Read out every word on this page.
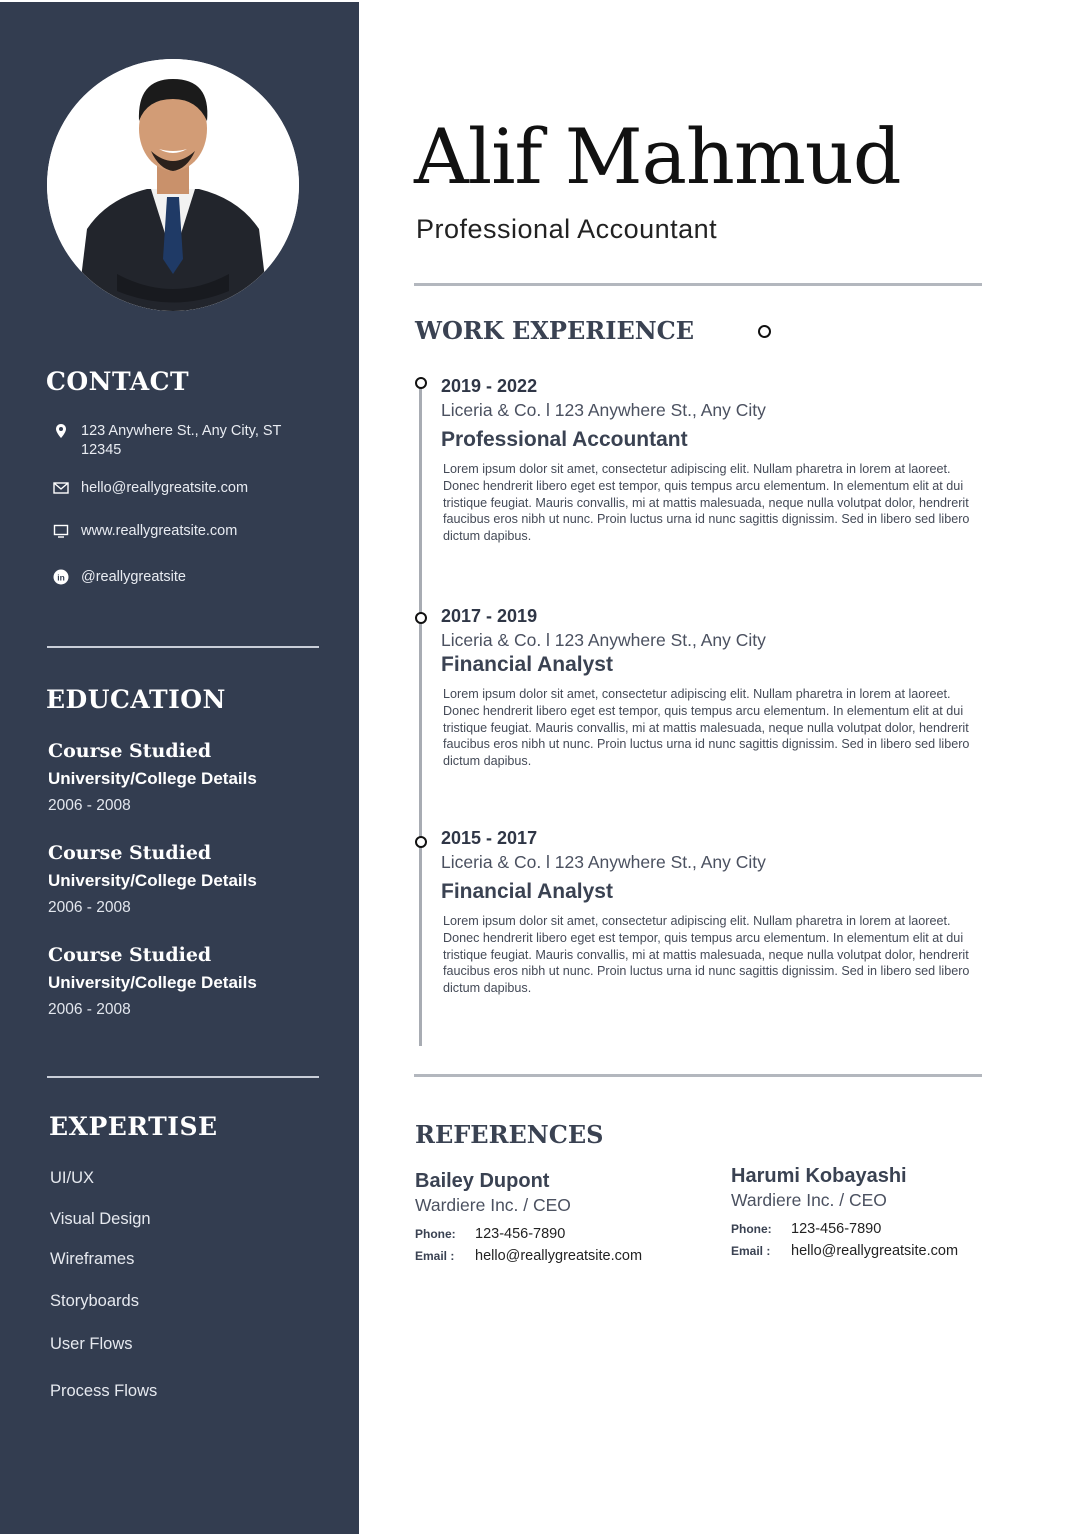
CONTACT
123 Anywhere St., Any City, ST 12345
hello@reallygreatsite.com
www.reallygreatsite.com
in @reallygreatsite
EDUCATION
Course Studied
University/College Details
2006 - 2008
Course Studied
University/College Details
2006 - 2008
Course Studied
University/College Details
2006 - 2008
EXPERTISE
UI/UX
Visual Design
Wireframes
Storyboards
User Flows
Process Flows
Alif Mahmud
Professional Accountant
WORK EXPERIENCE
2019 - 2022
Liceria & Co. l 123 Anywhere St., Any City
Professional Accountant
Lorem ipsum dolor sit amet, consectetur adipiscing elit. Nullam pharetra in lorem at laoreet. Donec hendrerit libero eget est tempor, quis tempus arcu elementum. In elementum elit at dui tristique feugiat. Mauris convallis, mi at mattis malesuada, neque nulla volutpat dolor, hendrerit faucibus eros nibh ut nunc. Proin luctus urna id nunc sagittis dignissim. Sed in libero sed libero dictum dapibus.
2017 - 2019
Liceria & Co. l 123 Anywhere St., Any City
Financial Analyst
Lorem ipsum dolor sit amet, consectetur adipiscing elit. Nullam pharetra in lorem at laoreet. Donec hendrerit libero eget est tempor, quis tempus arcu elementum. In elementum elit at dui tristique feugiat. Mauris convallis, mi at mattis malesuada, neque nulla volutpat dolor, hendrerit faucibus eros nibh ut nunc. Proin luctus urna id nunc sagittis dignissim. Sed in libero sed libero dictum dapibus.
2015 - 2017
Liceria & Co. l 123 Anywhere St., Any City
Financial Analyst
Lorem ipsum dolor sit amet, consectetur adipiscing elit. Nullam pharetra in lorem at laoreet. Donec hendrerit libero eget est tempor, quis tempus arcu elementum. In elementum elit at dui tristique feugiat. Mauris convallis, mi at mattis malesuada, neque nulla volutpat dolor, hendrerit faucibus eros nibh ut nunc. Proin luctus urna id nunc sagittis dignissim. Sed in libero sed libero dictum dapibus.
REFERENCES
Bailey Dupont
Wardiere Inc. / CEO
Phone:	123-456-7890
Email :	hello@reallygreatsite.com
Harumi Kobayashi
Wardiere Inc. / CEO
Phone:	123-456-7890
Email :	hello@reallygreatsite.com
